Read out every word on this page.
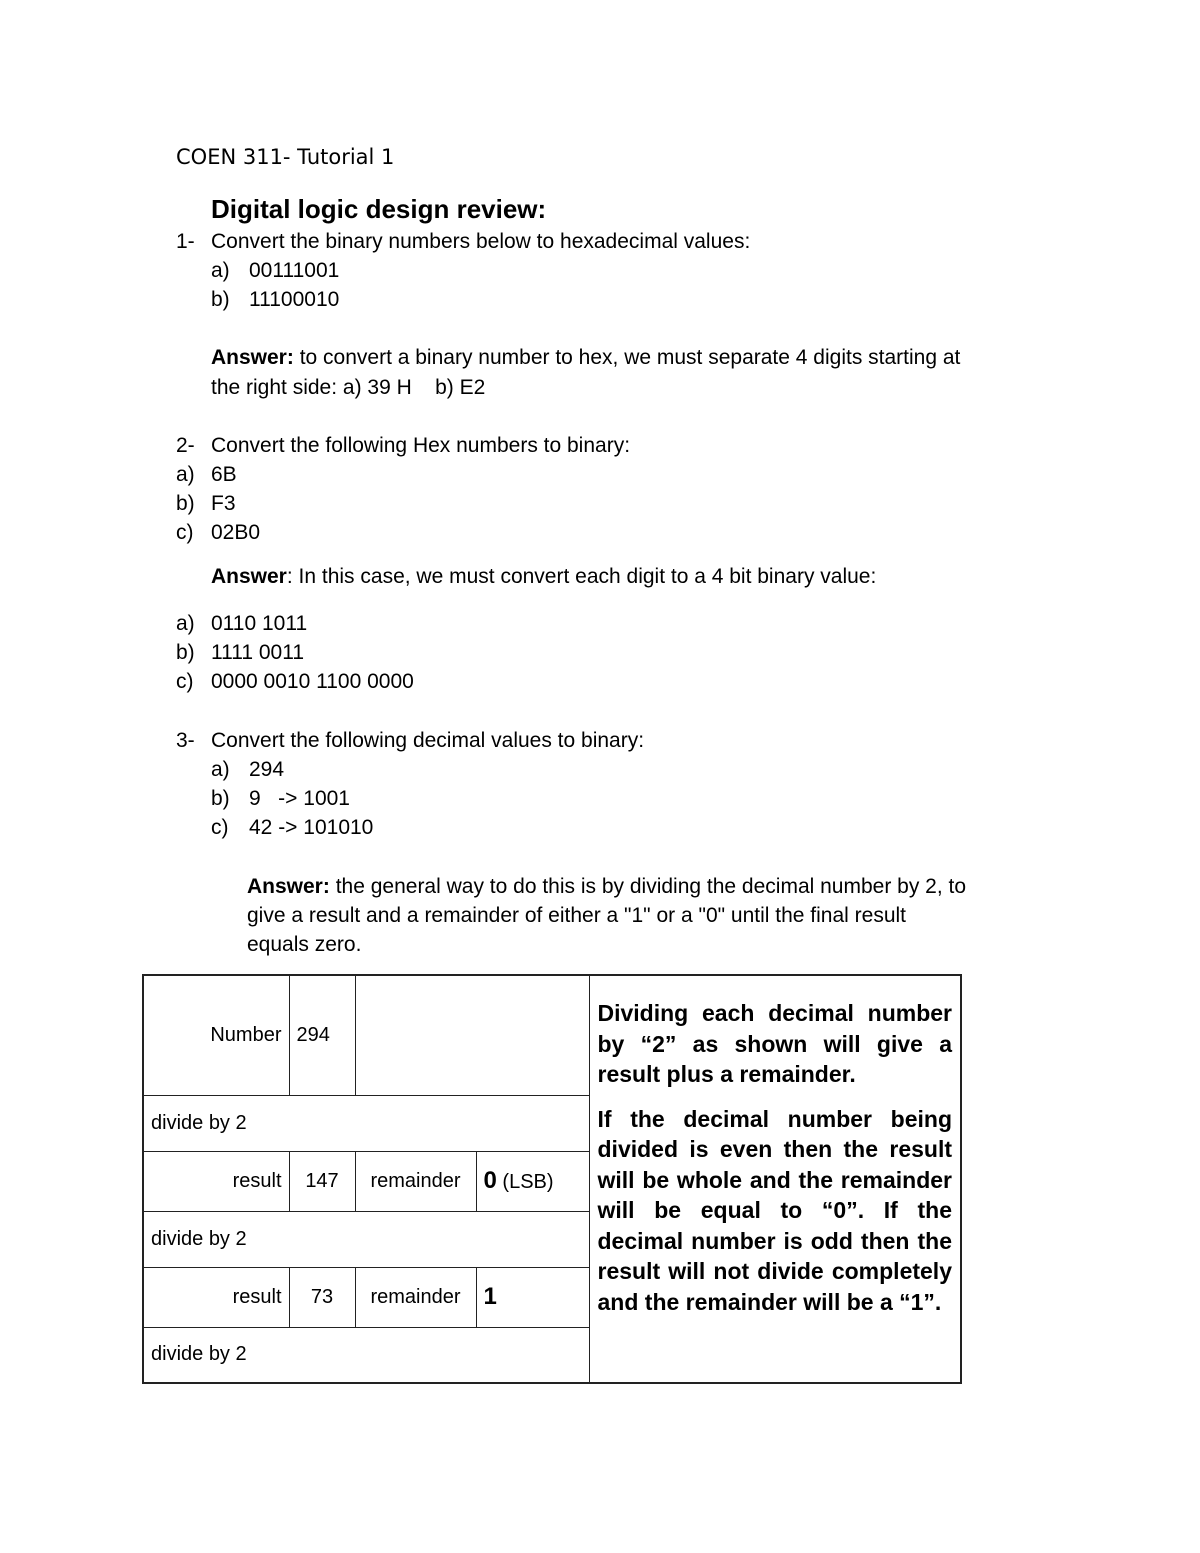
COEN 311- Tutorial 1
Digital logic design review:
1- Convert the binary numbers below to hexadecimal values:
a) 00111001
b) 11100010
Answer: to convert a binary number to hex, we must separate 4 digits starting at
the right side: a) 39 H    b) E2
2- Convert the following Hex numbers to binary:
a) 6B
b) F3
c) 02B0
Answer: In this case, we must convert each digit to a 4 bit binary value:
a) 0110 1011
b) 1111 0011
c) 0000 0010 1100 0000
3- Convert the following decimal values to binary:
a) 294
b) 9   -> 1001
c) 42 -> 101010
Answer: the general way to do this is by dividing the decimal number by 2, to
give a result and a remainder of either a "1" or a "0" until the final result
equals zero.
Number	294			Dividing each decimal number by “2” as shown will give a result plus a remainder.

If the decimal number being divided is even then the result will be whole and the remainder will be equal to “0”. If the decimal number is odd then the result will not divide completely and the remainder will be a “1”.

divide by 2				
result	147	remainder	0 (LSB)	
divide by 2				
result	73	remainder	1	
divide by 2				
